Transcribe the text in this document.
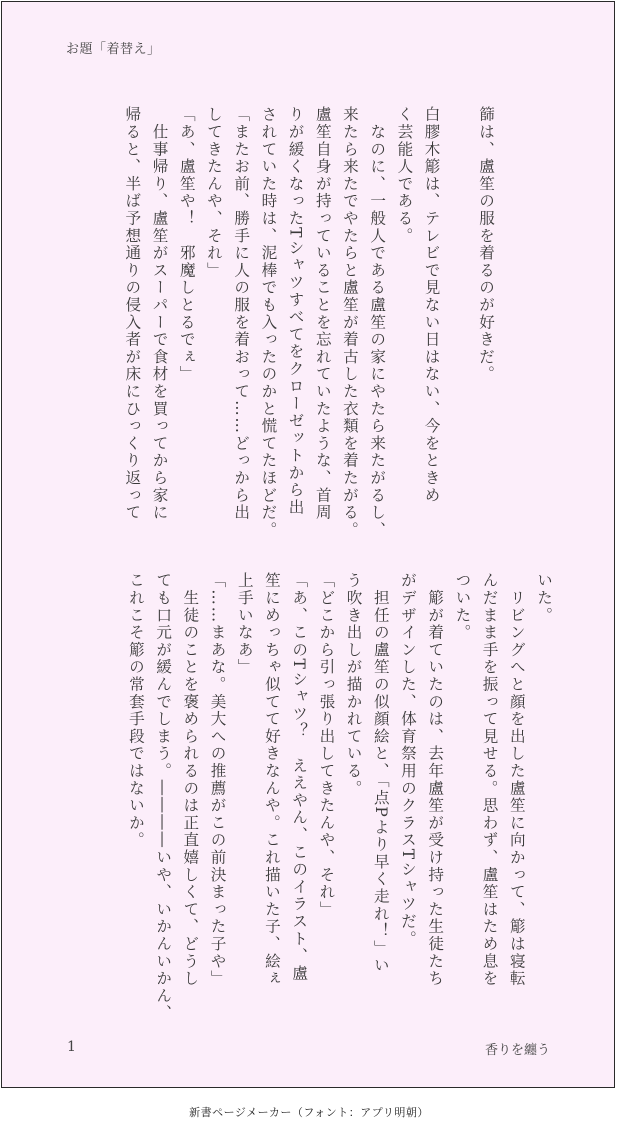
お題「着替え」
篩は、盧笙の服を着るのが好きだ。

白膠木簓は、テレビで見ない日はない、今をときめ
く芸能人である。
　なのに、一般人である盧笙の家にやたら来たがるし、
来たら来たでやたらと盧笙が着古した衣類を着たがる。
盧笙自身が持っていることを忘れていたような、首周
りが緩くなったTシャツすべてをクローゼットから出
されていた時は、泥棒でも入ったのかと慌てたほどだ。
「またお前、勝手に人の服を着おって……どっから出
してきたんや、それ」
「あ、盧笙や！　邪魔しとるでぇ」
　仕事帰り、盧笙がスーパーで食材を買ってから家に
帰ると、半ば予想通りの侵入者が床にひっくり返って
いた。
　リビングへと顔を出した盧笙に向かって、簓は寝転
んだまま手を振って見せる。思わず、盧笙はため息を
ついた。
　簓が着ていたのは、去年盧笙が受け持った生徒たち
がデザインした、体育祭用のクラスTシャツだ。
　担任の盧笙の似顔絵と、「点Pより早く走れ！」い
う吹き出しが描かれている。
「どこから引っ張り出してきたんや、それ」
「あ、このTシャツ？　ええやん、このイラスト、盧
笙にめっちゃ似てて好きなんや。これ描いた子、絵ぇ
上手いなあ」
「……まあな。美大への推薦がこの前決まった子や」
　生徒のことを褒められるのは正直嬉しくて、どうし
ても口元が緩んでしまう。――――いや、いかんいかん、
これこそ簓の常套手段ではないか。
1	香りを纏う
新書ページメーカー（フォント：アプリ明朝）
